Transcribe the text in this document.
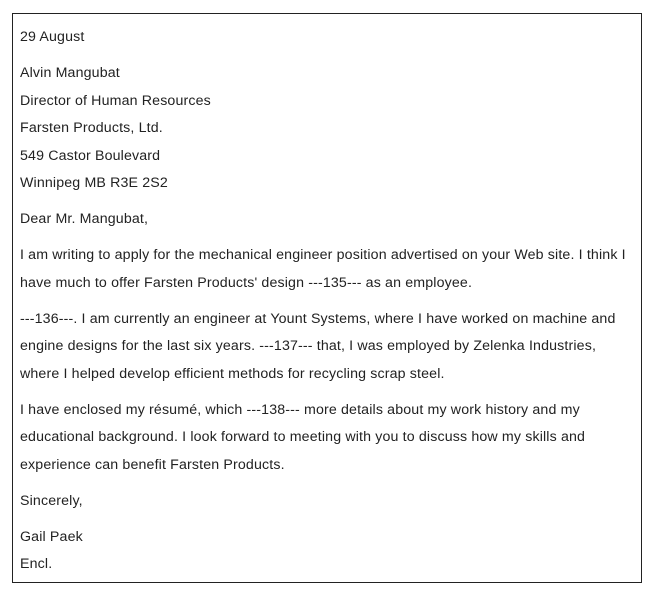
29 August
Alvin Mangubat
Director of Human Resources
Farsten Products, Ltd.
549 Castor Boulevard
Winnipeg MB R3E 2S2
Dear Mr. Mangubat,
I am writing to apply for the mechanical engineer position advertised on your Web site. I think I have much to offer Farsten Products' design ---135--- as an employee.
---136---. I am currently an engineer at Yount Systems, where I have worked on machine and engine designs for the last six years. ---137--- that, I was employed by Zelenka Industries, where I helped develop efficient methods for recycling scrap steel.
I have enclosed my résumé, which ---138--- more details about my work history and my educational background. I look forward to meeting with you to discuss how my skills and experience can benefit Farsten Products.
Sincerely,
Gail Paek
Encl.
